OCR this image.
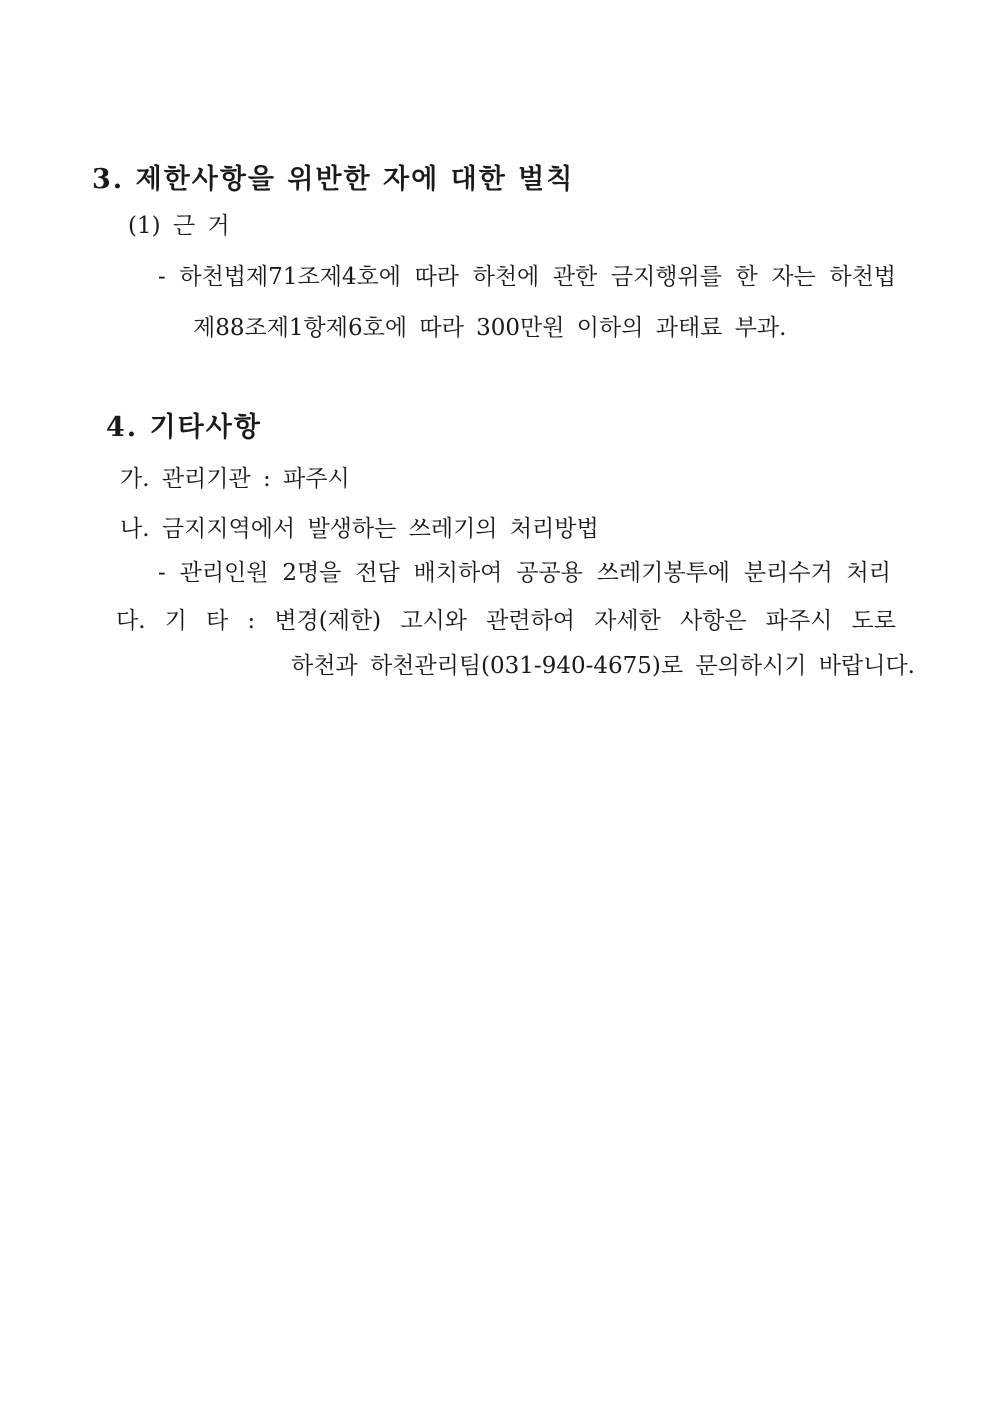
3. 제한사항을 위반한 자에 대한 벌칙
(1) 근 거
- 하천법제71조제4호에 따라 하천에 관한 금지행위를 한 자는 하천법
제88조제1항제6호에 따라 300만원 이하의 과태료 부과.
4. 기타사항
가. 관리기관 : 파주시
나. 금지지역에서 발생하는 쓰레기의 처리방법
- 관리인원 2명을 전담 배치하여 공공용 쓰레기봉투에 분리수거 처리
다. 기 타 : 변경(제한) 고시와 관련하여 자세한 사항은 파주시 도로
하천과 하천관리팀(031-940-4675)로 문의하시기 바랍니다.
